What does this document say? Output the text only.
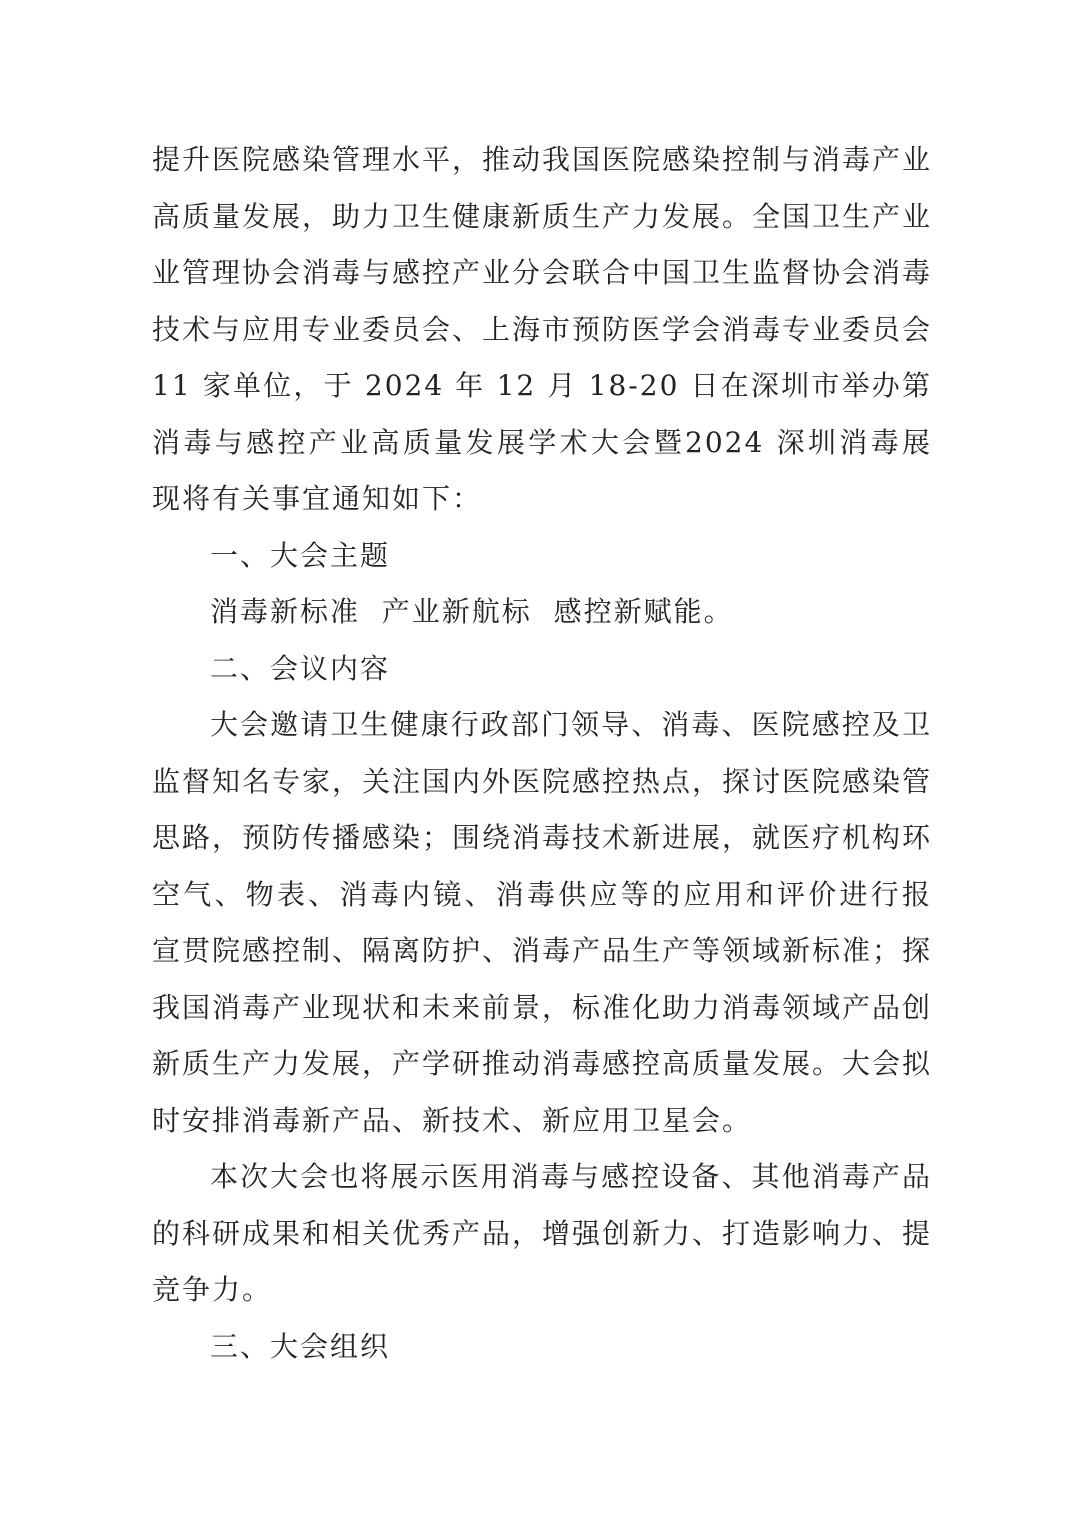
提升医院感染管理水平，推动我国医院感染控制与消毒产业
高质量发展，助力卫生健康新质生产力发展。全国卫生产业
业管理协会消毒与感控产业分会联合中国卫生监督协会消毒
技术与应用专业委员会、上海市预防医学会消毒专业委员会
11 家单位，于 2024 年 12 月 18-20 日在深圳市举办第
消毒与感控产业高质量发展学术大会暨2024 深圳消毒展
现将有关事宜通知如下：
一、大会主题
消毒新标准  产业新航标  感控新赋能。
二、会议内容
大会邀请卫生健康行政部门领导、消毒、医院感控及卫
监督知名专家，关注国内外医院感控热点，探讨医院感染管
思路，预防传播感染；围绕消毒技术新进展，就医疗机构环
空气、物表、消毒内镜、消毒供应等的应用和评价进行报
宣贯院感控制、隔离防护、消毒产品生产等领域新标准；探
我国消毒产业现状和未来前景，标准化助力消毒领域产品创
新质生产力发展，产学研推动消毒感控高质量发展。大会拟
时安排消毒新产品、新技术、新应用卫星会。
本次大会也将展示医用消毒与感控设备、其他消毒产品
的科研成果和相关优秀产品，增强创新力、打造影响力、提
竞争力。
三、大会组织
